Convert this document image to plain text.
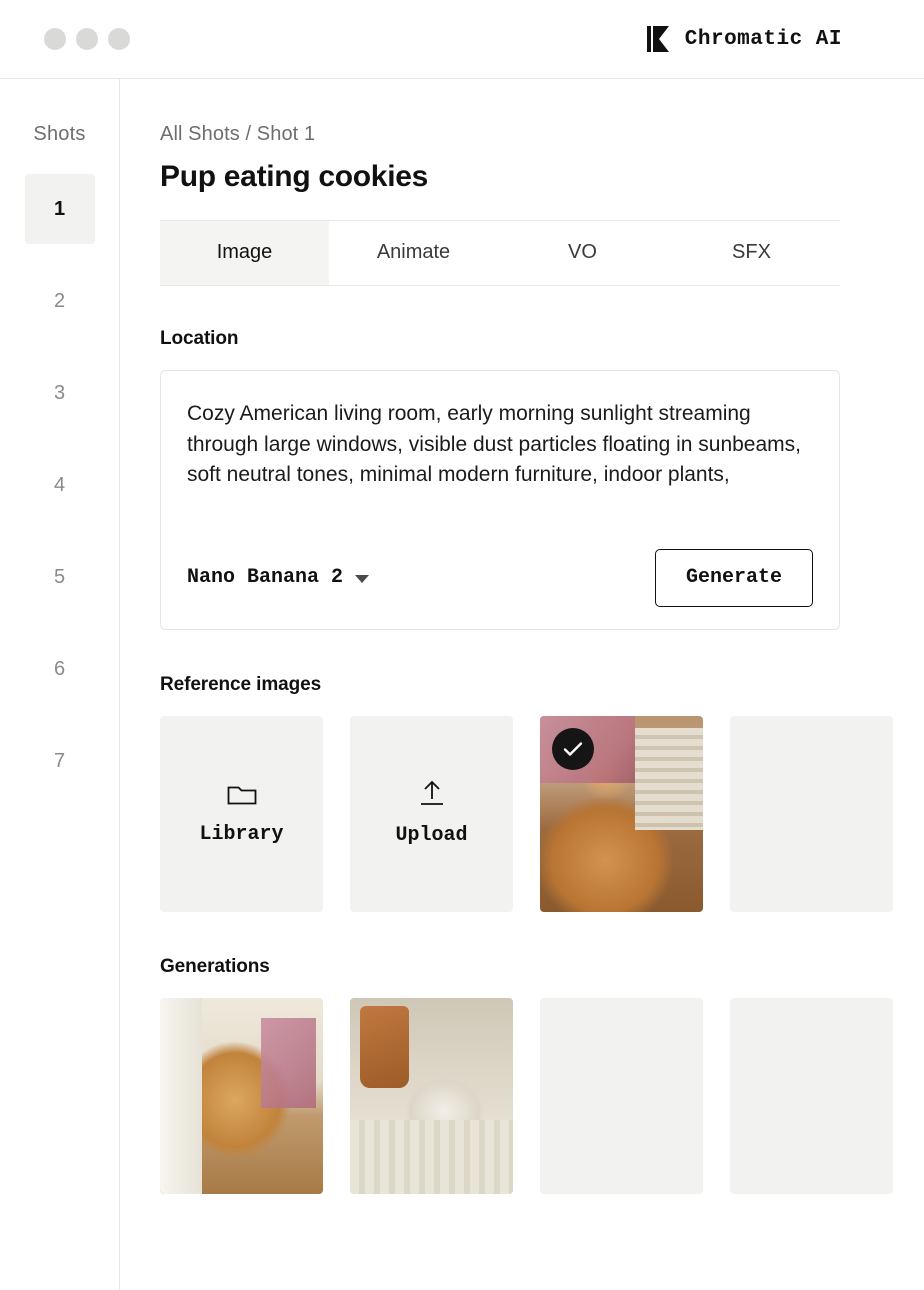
Chromatic AI
Shots
1
2
3
4
5
6
7
All Shots / Shot 1
Pup eating cookies
Image	Animate	VO	SFX
Location

Cozy American living room, early morning sunlight streaming through large windows, visible dust particles floating in sunbeams, soft neutral tones, minimal modern furniture, indoor plants,

Nano Banana 2	Generate
Reference images
Library	Upload
Generations
